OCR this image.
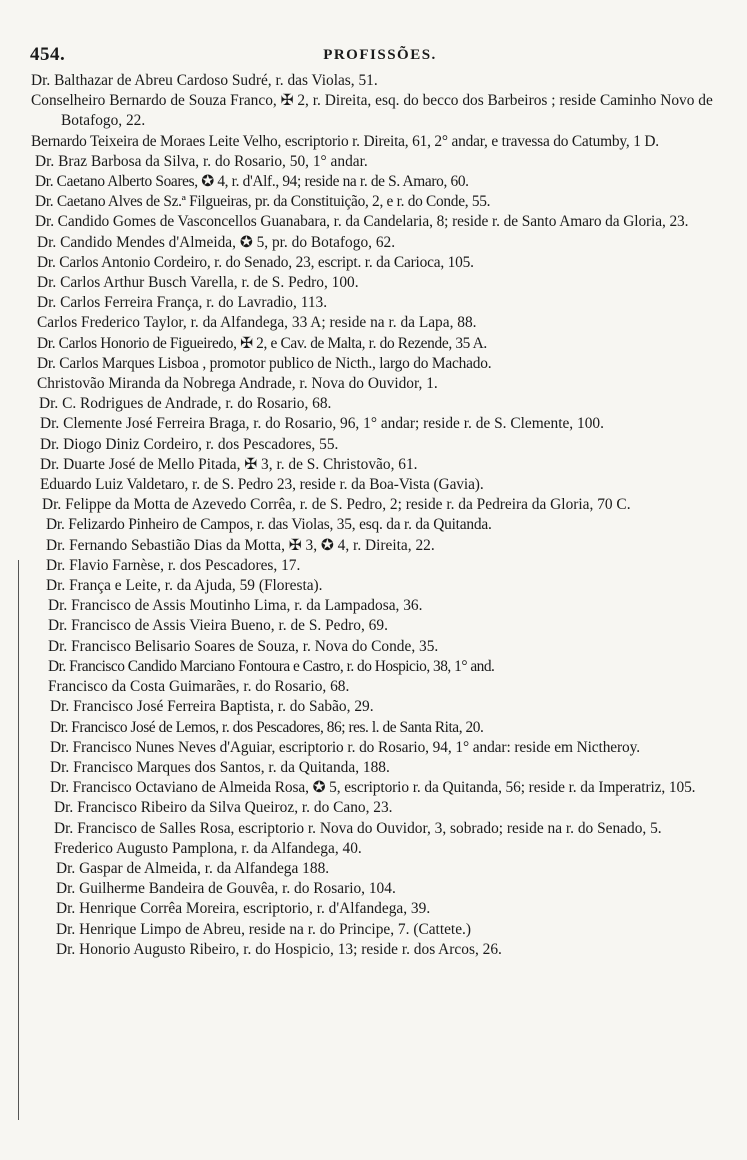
454.	PROFISSÕES.
Dr. Balthazar de Abreu Cardoso Sudré, r. das Violas, 51.
Conselheiro Bernardo de Souza Franco, ✠ 2, r. Direita, esq. do becco dos Barbeiros ; reside Caminho Novo de Botafogo, 22.
Bernardo Teixeira de Moraes Leite Velho, escriptorio r. Direita, 61, 2° andar, e travessa do Catumby, 1 D.
Dr. Braz Barbosa da Silva, r. do Rosario, 50, 1° andar.
Dr. Caetano Alberto Soares, ✪ 4, r. d'Alf., 94; reside na r. de S. Amaro, 60.
Dr. Caetano Alves de Sz.ª Filgueiras, pr. da Constituição, 2, e r. do Conde, 55.
Dr. Candido Gomes de Vasconcellos Guanabara, r. da Candelaria, 8; reside r. de Santo Amaro da Gloria, 23.
Dr. Candido Mendes d'Almeida, ✪ 5, pr. do Botafogo, 62.
Dr. Carlos Antonio Cordeiro, r. do Senado, 23, escript. r. da Carioca, 105.
Dr. Carlos Arthur Busch Varella, r. de S. Pedro, 100.
Dr. Carlos Ferreira França, r. do Lavradio, 113.
Carlos Frederico Taylor, r. da Alfandega, 33 A; reside na r. da Lapa, 88.
Dr. Carlos Honorio de Figueiredo, ✠ 2, e Cav. de Malta, r. do Rezende, 35 A.
Dr. Carlos Marques Lisboa , promotor publico de Nicth., largo do Machado.
Christovão Miranda da Nobrega Andrade, r. Nova do Ouvidor, 1.
Dr. C. Rodrigues de Andrade, r. do Rosario, 68.
Dr. Clemente José Ferreira Braga, r. do Rosario, 96, 1° andar; reside r. de S. Clemente, 100.
Dr. Diogo Diniz Cordeiro, r. dos Pescadores, 55.
Dr. Duarte José de Mello Pitada, ✠ 3, r. de S. Christovão, 61.
Eduardo Luiz Valdetaro, r. de S. Pedro 23, reside r. da Boa-Vista (Gavia).
Dr. Felippe da Motta de Azevedo Corrêa, r. de S. Pedro, 2; reside r. da Pedreira da Gloria, 70 C.
Dr. Felizardo Pinheiro de Campos, r. das Violas, 35, esq. da r. da Quitanda.
Dr. Fernando Sebastião Dias da Motta, ✠ 3, ✪ 4, r. Direita, 22.
Dr. Flavio Farnèse, r. dos Pescadores, 17.
Dr. França e Leite, r. da Ajuda, 59 (Floresta).
Dr. Francisco de Assis Moutinho Lima, r. da Lampadosa, 36.
Dr. Francisco de Assis Vieira Bueno, r. de S. Pedro, 69.
Dr. Francisco Belisario Soares de Souza, r. Nova do Conde, 35.
Dr. Francisco Candido Marciano Fontoura e Castro, r. do Hospicio, 38, 1° and.
Francisco da Costa Guimarães, r. do Rosario, 68.
Dr. Francisco José Ferreira Baptista, r. do Sabão, 29.
Dr. Francisco José de Lemos, r. dos Pescadores, 86; res. l. de Santa Rita, 20.
Dr. Francisco Nunes Neves d'Aguiar, escriptorio r. do Rosario, 94, 1° andar: reside em Nictheroy.
Dr. Francisco Marques dos Santos, r. da Quitanda, 188.
Dr. Francisco Octaviano de Almeida Rosa, ✪ 5, escriptorio r. da Quitanda, 56; reside r. da Imperatriz, 105.
Dr. Francisco Ribeiro da Silva Queiroz, r. do Cano, 23.
Dr. Francisco de Salles Rosa, escriptorio r. Nova do Ouvidor, 3, sobrado; reside na r. do Senado, 5.
Frederico Augusto Pamplona, r. da Alfandega, 40.
Dr. Gaspar de Almeida, r. da Alfandega 188.
Dr. Guilherme Bandeira de Gouvêa, r. do Rosario, 104.
Dr. Henrique Corrêa Moreira, escriptorio, r. d'Alfandega, 39.
Dr. Henrique Limpo de Abreu, reside na r. do Principe, 7. (Cattete.)
Dr. Honorio Augusto Ribeiro, r. do Hospicio, 13; reside r. dos Arcos, 26.
